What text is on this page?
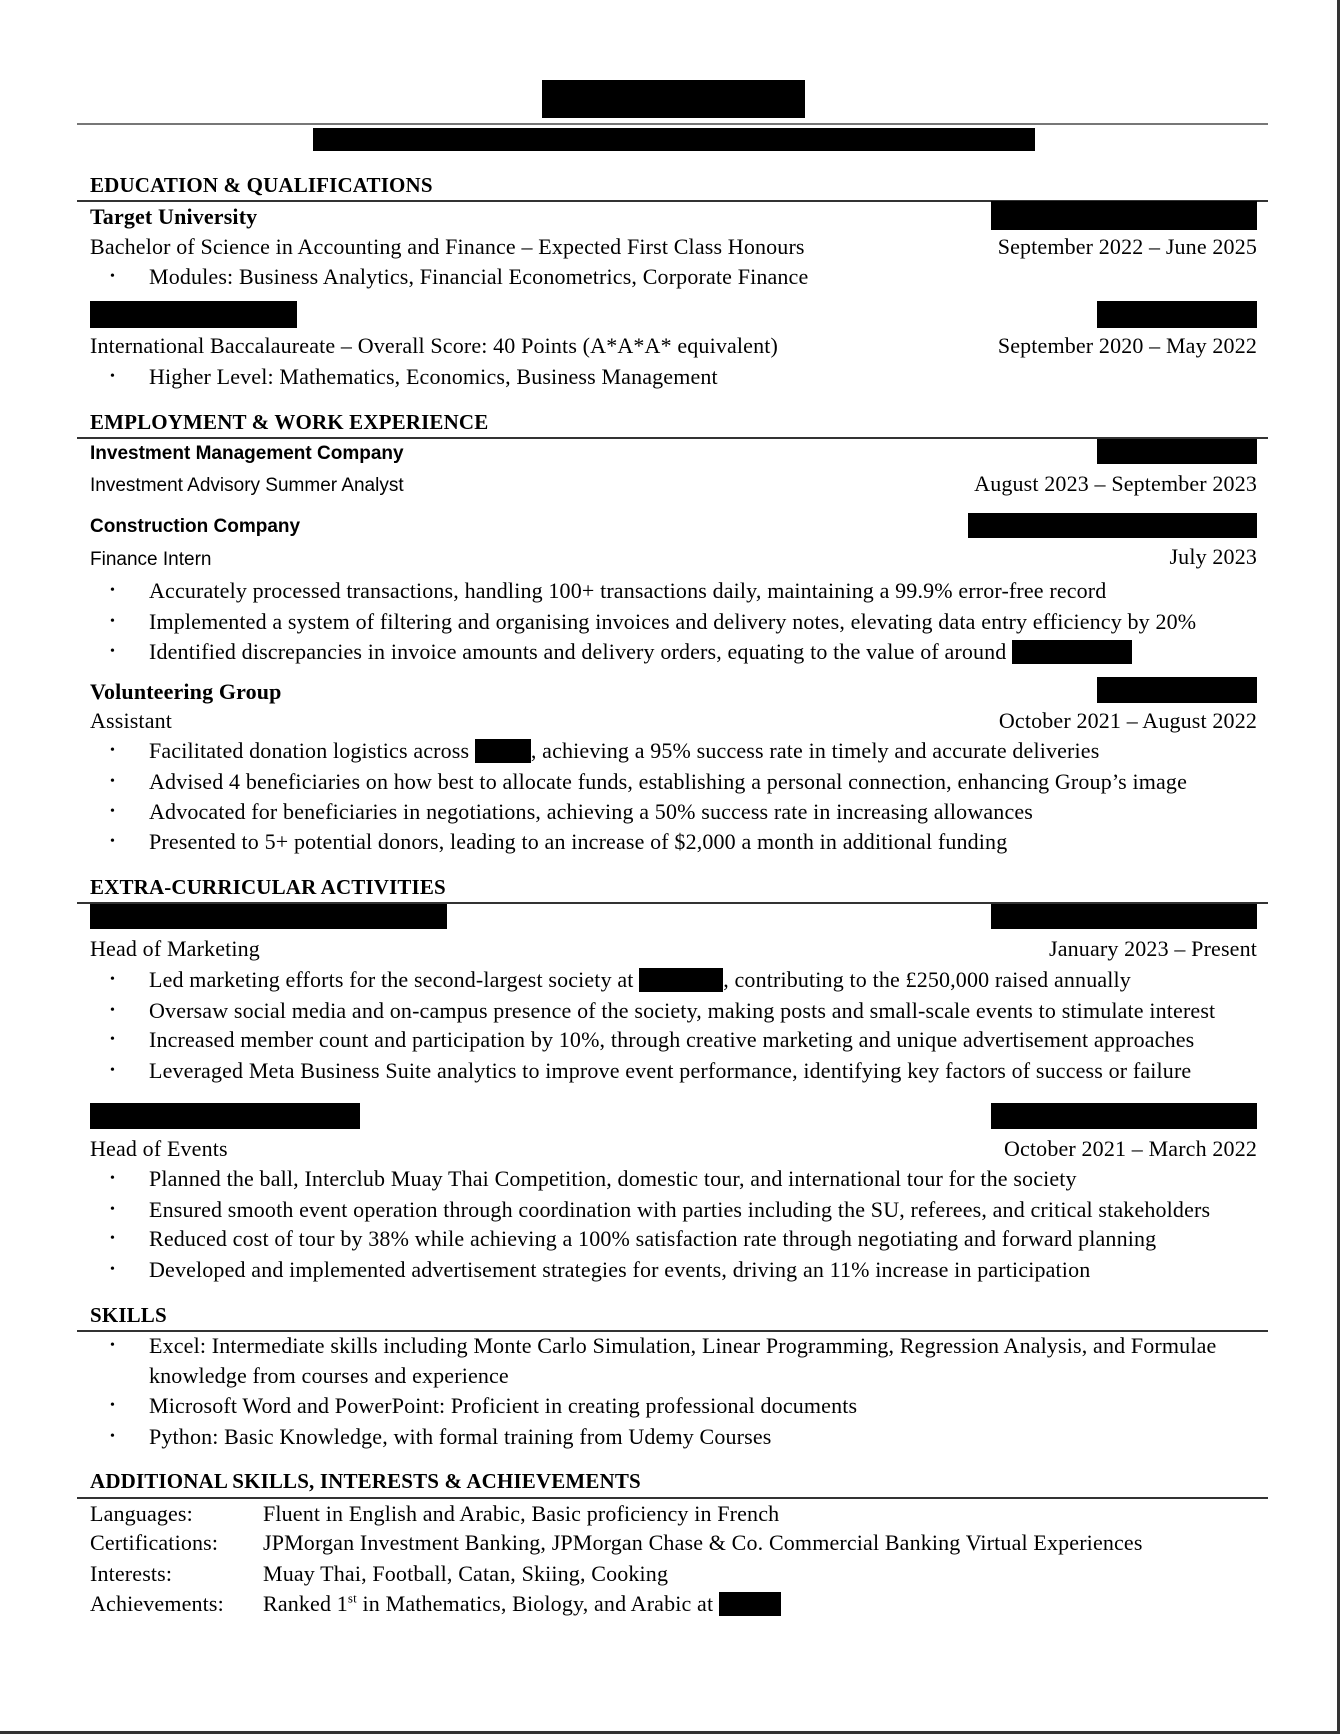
EDUCATION & QUALIFICATIONS
Target University
Bachelor of Science in Accounting and Finance – Expected First Class Honours	September 2022 – June 2025
• Modules: Business Analytics, Financial Econometrics, Corporate Finance
International Baccalaureate – Overall Score: 40 Points (A*A*A* equivalent)	September 2020 – May 2022
• Higher Level: Mathematics, Economics, Business Management
EMPLOYMENT & WORK EXPERIENCE
Investment Management Company
Investment Advisory Summer Analyst	August 2023 – September 2023
Construction Company
Finance Intern	July 2023
• Accurately processed transactions, handling 100+ transactions daily, maintaining a 99.9% error-free record
• Implemented a system of filtering and organising invoices and delivery notes, elevating data entry efficiency by 20%
• Identified discrepancies in invoice amounts and delivery orders, equating to the value of around
Volunteering Group
Assistant	October 2021 – August 2022
• Facilitated donation logistics across	, achieving a 95% success rate in timely and accurate deliveries
• Advised 4 beneficiaries on how best to allocate funds, establishing a personal connection, enhancing Group’s image
• Advocated for beneficiaries in negotiations, achieving a 50% success rate in increasing allowances
• Presented to 5+ potential donors, leading to an increase of $2,000 a month in additional funding
EXTRA-CURRICULAR ACTIVITIES
Head of Marketing	January 2023 – Present
• Led marketing efforts for the second-largest society at	, contributing to the £250,000 raised annually
• Oversaw social media and on-campus presence of the society, making posts and small-scale events to stimulate interest
• Increased member count and participation by 10%, through creative marketing and unique advertisement approaches
• Leveraged Meta Business Suite analytics to improve event performance, identifying key factors of success or failure
Head of Events	October 2021 – March 2022
• Planned the ball, Interclub Muay Thai Competition, domestic tour, and international tour for the society
• Ensured smooth event operation through coordination with parties including the SU, referees, and critical stakeholders
• Reduced cost of tour by 38% while achieving a 100% satisfaction rate through negotiating and forward planning
• Developed and implemented advertisement strategies for events, driving an 11% increase in participation
SKILLS
• Excel: Intermediate skills including Monte Carlo Simulation, Linear Programming, Regression Analysis, and Formulae
knowledge from courses and experience
• Microsoft Word and PowerPoint: Proficient in creating professional documents
• Python: Basic Knowledge, with formal training from Udemy Courses
ADDITIONAL SKILLS, INTERESTS & ACHIEVEMENTS
Languages:	Fluent in English and Arabic, Basic proficiency in French
Certifications: JPMorgan Investment Banking, JPMorgan Chase & Co. Commercial Banking Virtual Experiences
Interests:	Muay Thai, Football, Catan, Skiing, Cooking
Achievements: Ranked 1st in Mathematics, Biology, and Arabic at
